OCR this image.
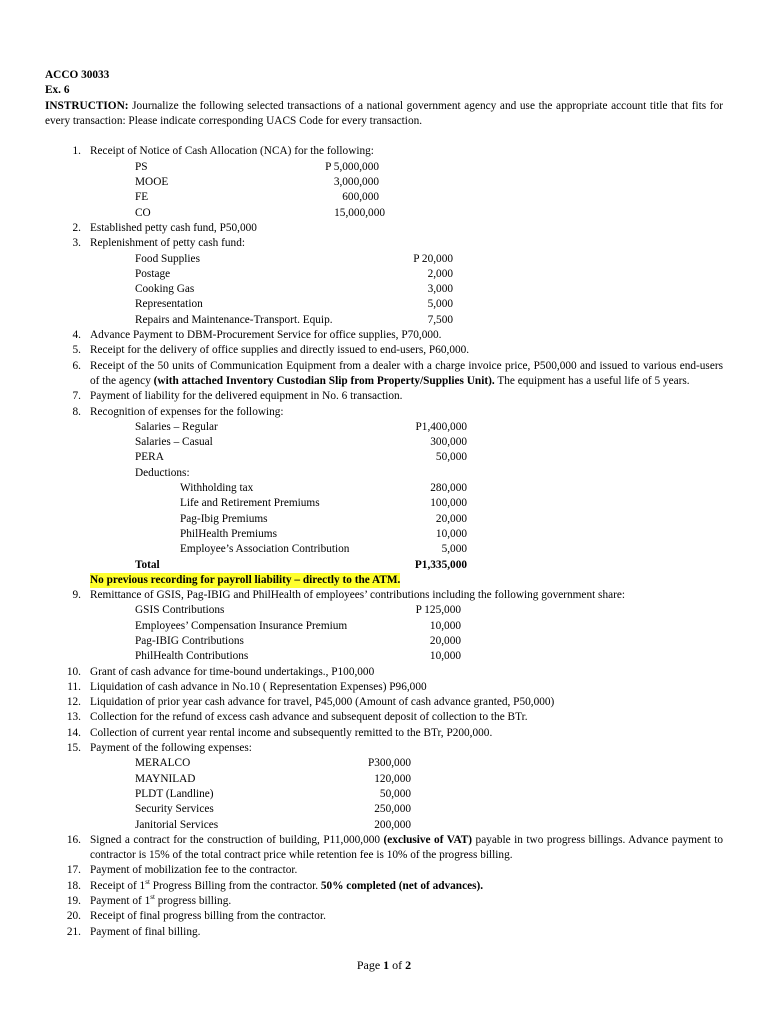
ACCO 30033
Ex. 6
INSTRUCTION: Journalize the following selected transactions of a national government agency and use the appropriate account title that fits for every transaction: Please indicate corresponding UACS Code for every transaction.
1. Receipt of Notice of Cash Allocation (NCA) for the following:
PS	P 5,000,000
MOOE	3,000,000
FE	600,000
CO	15,000,000
2. Established petty cash fund, P50,000
3. Replenishment of petty cash fund:
Food Supplies	P 20,000
Postage	2,000
Cooking Gas	3,000
Representation	5,000
Repairs and Maintenance-Transport. Equip.	7,500
4. Advance Payment to DBM-Procurement Service for office supplies, P70,000.
5. Receipt for the delivery of office supplies and directly issued to end-users, P60,000.
6. Receipt of the 50 units of Communication Equipment from a dealer with a charge invoice price, P500,000 and issued to various end-users of the agency (with attached Inventory Custodian Slip from Property/Supplies Unit). The equipment has a useful life of 5 years.
7. Payment of liability for the delivered equipment in No. 6 transaction.
8. Recognition of expenses for the following:
Salaries – Regular	P1,400,000
Salaries – Casual	300,000
PERA	50,000
Deductions:
Withholding tax	280,000
Life and Retirement Premiums	100,000
Pag-Ibig Premiums	20,000
PhilHealth Premiums	10,000
Employee’s Association Contribution	5,000
Total	P1,335,000
No previous recording for payroll liability – directly to the ATM.
9. Remittance of GSIS, Pag-IBIG and PhilHealth of employees’ contributions including the following government share:
GSIS Contributions	P 125,000
Employees’ Compensation Insurance Premium	10,000
Pag-IBIG Contributions	20,000
PhilHealth Contributions	10,000
10. Grant of cash advance for time-bound undertakings., P100,000
11. Liquidation of cash advance in No.10 ( Representation Expenses) P96,000
12. Liquidation of prior year cash advance for travel, P45,000 (Amount of cash advance granted, P50,000)
13. Collection for the refund of excess cash advance and subsequent deposit of collection to the BTr.
14. Collection of current year rental income and subsequently remitted to the BTr, P200,000.
15. Payment of the following expenses:
MERALCO	P300,000
MAYNILAD	120,000
PLDT (Landline)	50,000
Security Services	250,000
Janitorial Services	200,000
16. Signed a contract for the construction of building, P11,000,000 (exclusive of VAT) payable in two progress billings. Advance payment to contractor is 15% of the total contract price while retention fee is 10% of the progress billing.
17. Payment of mobilization fee to the contractor.
18. Receipt of 1st Progress Billing from the contractor. 50% completed (net of advances).
19. Payment of 1st progress billing.
20. Receipt of final progress billing from the contractor.
21. Payment of final billing.
Page 1 of 2
